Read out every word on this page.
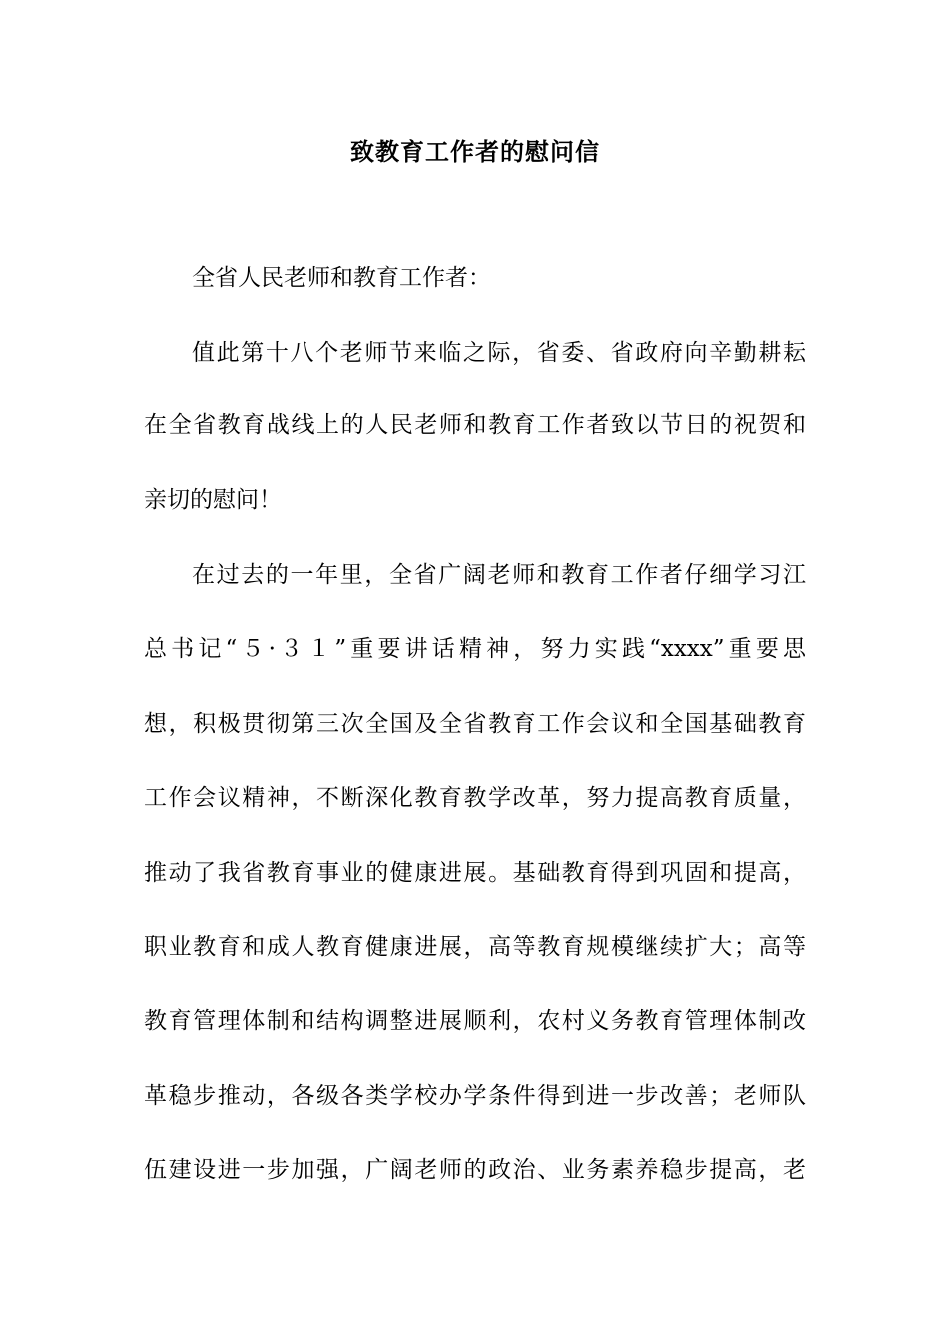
致教育工作者的慰问信
全省人民老师和教育工作者：
值此第十八个老师节来临之际，省委、省政府向辛勤耕耘
在全省教育战线上的人民老师和教育工作者致以节日的祝贺和
亲切的慰问！
在过去的一年里，全省广阔老师和教育工作者仔细学习江
总书记“５·３１”重要讲话精神，努力实践“xxxx”重要思
想，积极贯彻第三次全国及全省教育工作会议和全国基础教育
工作会议精神，不断深化教育教学改革，努力提高教育质量，
推动了我省教育事业的健康进展。基础教育得到巩固和提高，
职业教育和成人教育健康进展，高等教育规模继续扩大；高等
教育管理体制和结构调整进展顺利，农村义务教育管理体制改
革稳步推动，各级各类学校办学条件得到进一步改善；老师队
伍建设进一步加强，广阔老师的政治、业务素养稳步提高，老
